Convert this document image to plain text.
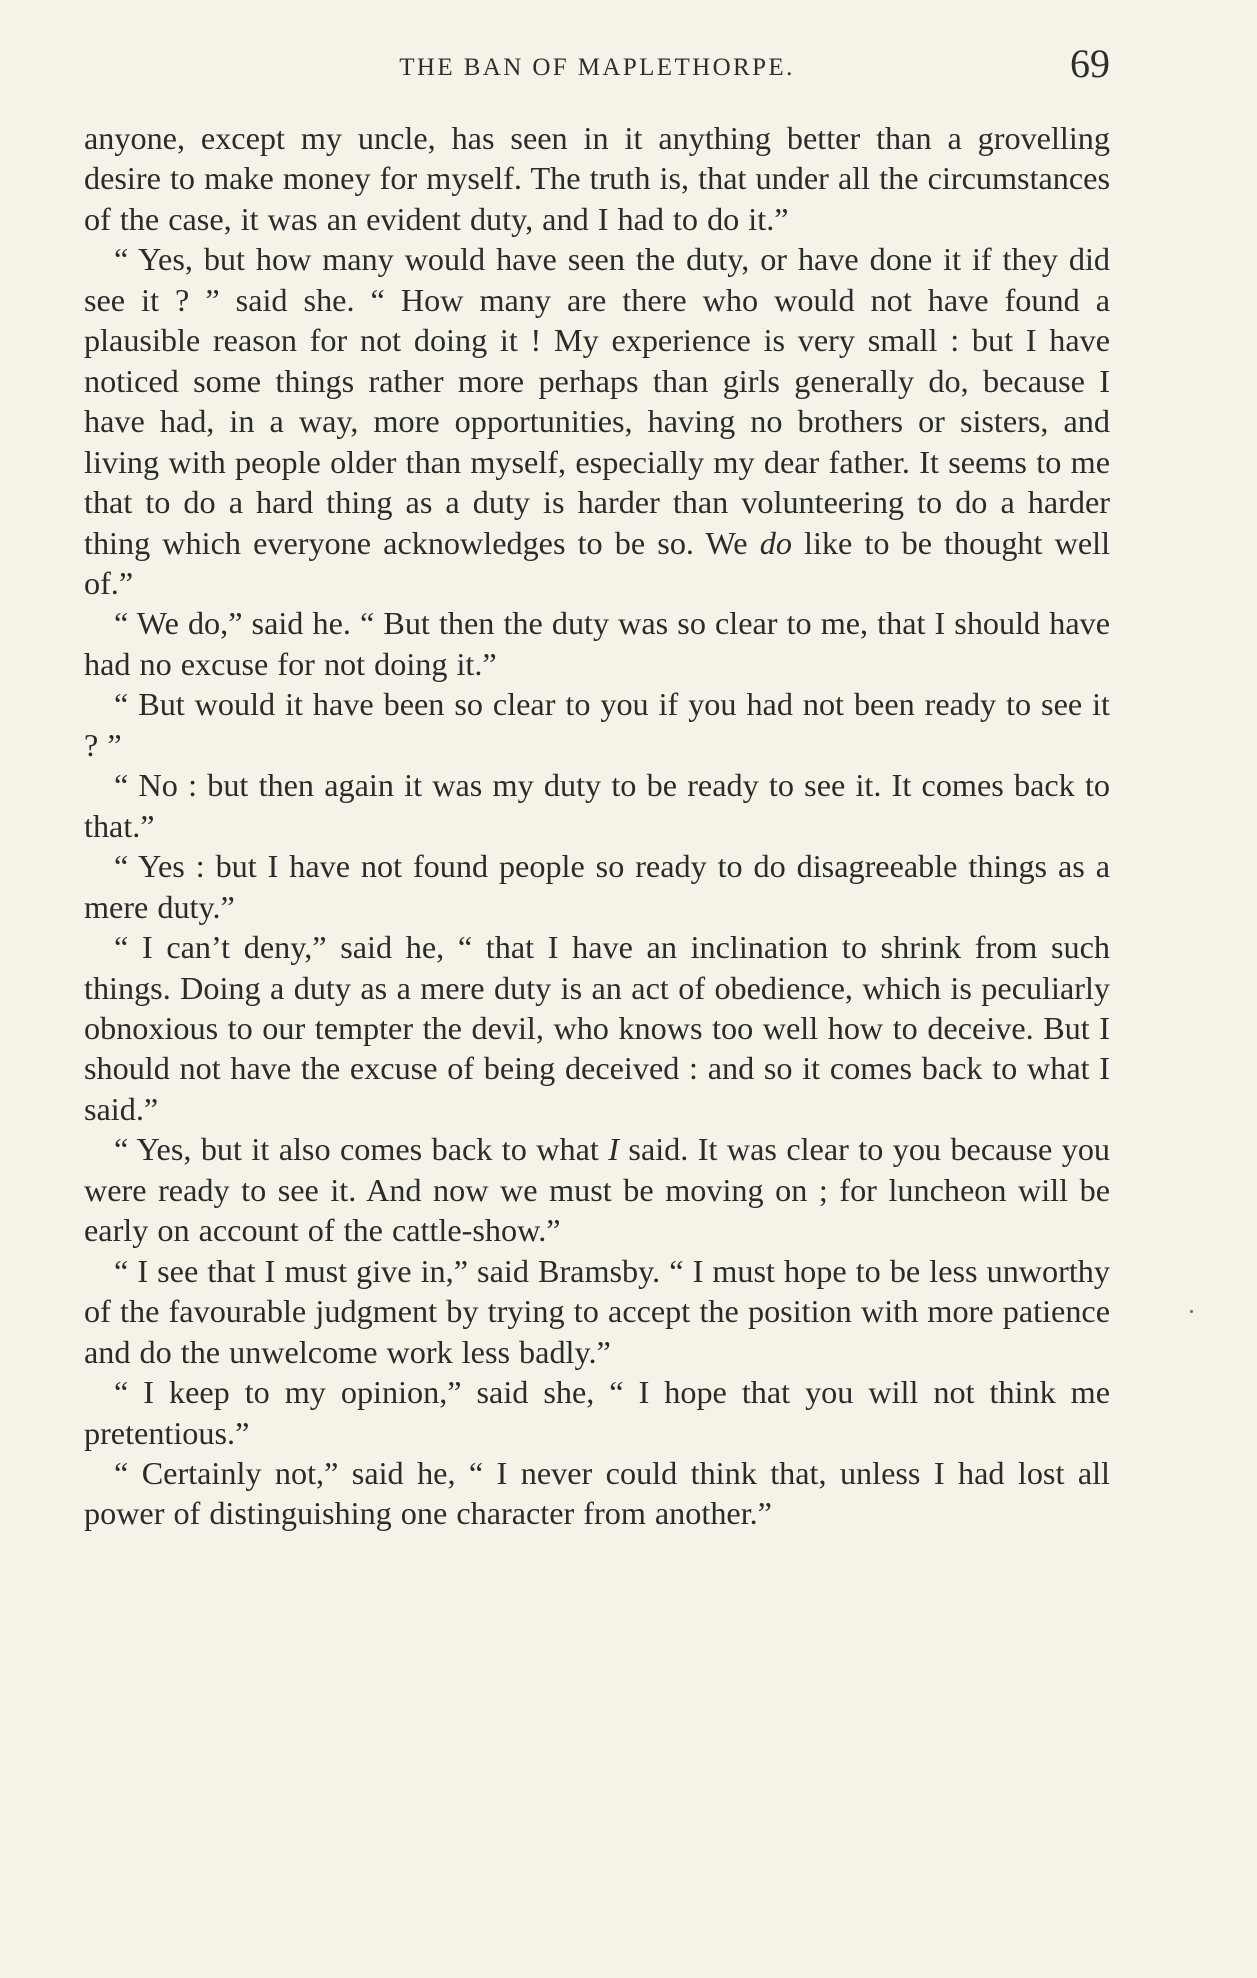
THE BAN OF MAPLETHORPE.	69

anyone, except my uncle, has seen in it anything better than a grovelling desire to make money for myself. The truth is, that under all the circumstances of the case, it was an evident duty, and I had to do it.”

“ Yes, but how many would have seen the duty, or have done it if they did see it ? ” said she. “ How many are there who would not have found a plausible reason for not doing it ! My experience is very small : but I have noticed some things rather more perhaps than girls generally do, because I have had, in a way, more opportunities, having no brothers or sisters, and living with people older than myself, especially my dear father. It seems to me that to do a hard thing as a duty is harder than volunteering to do a harder thing which everyone acknowledges to be so. We do like to be thought well of.”

“ We do,” said he. “ But then the duty was so clear to me, that I should have had no excuse for not doing it.”

“ But would it have been so clear to you if you had not been ready to see it ? ”

“ No : but then again it was my duty to be ready to see it. It comes back to that.”

“ Yes : but I have not found people so ready to do disagreeable things as a mere duty.”

“ I can’t deny,” said he, “ that I have an inclination to shrink from such things. Doing a duty as a mere duty is an act of obedience, which is peculiarly obnoxious to our tempter the devil, who knows too well how to deceive. But I should not have the excuse of being deceived : and so it comes back to what I said.”

“ Yes, but it also comes back to what I said. It was clear to you because you were ready to see it. And now we must be moving on ; for luncheon will be early on account of the cattle-show.”

“ I see that I must give in,” said Bramsby. “ I must hope to be less unworthy of the favourable judgment by trying to accept the position with more patience and do the unwelcome work less badly.”

“ I keep to my opinion,” said she, “ I hope that you will not think me pretentious.”

“ Certainly not,” said he, “ I never could think that, unless I had lost all power of distinguishing one character from another.”
